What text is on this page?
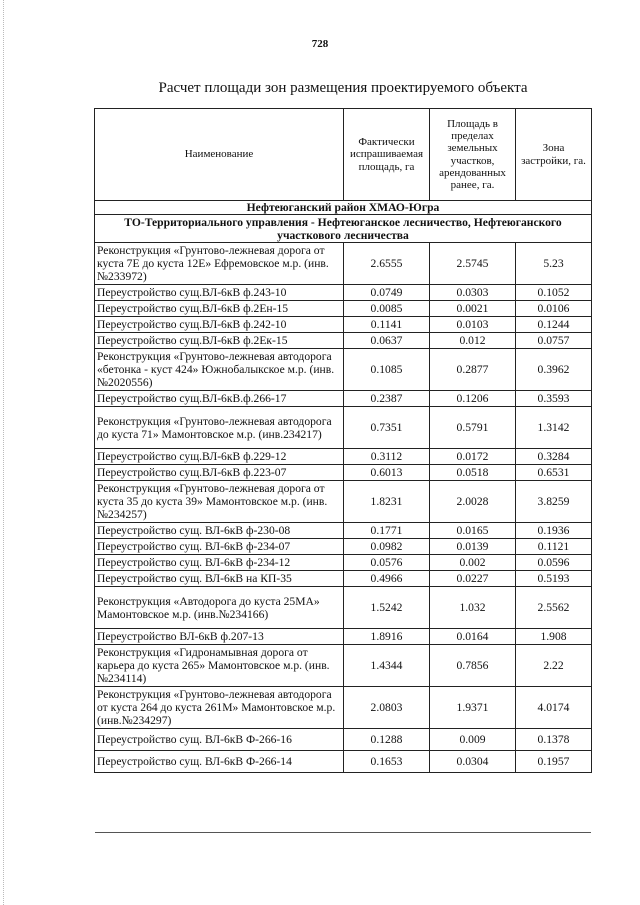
728
Расчет площади зон размещения проектируемого объекта
Наименование	Фактически испрашиваемая площадь, га	Площадь в пределах земельных участков, арендованных ранее, га.	Зона застройки, га.
Нефтеюганский район ХМАО-Югра			
ТО-Территориального управления - Нефтеюганское лесничество, Нефтеюганского участкового лесничества			
Реконструкция «Грунтово-лежневая дорога от куста 7Е до куста 12Е» Ефремовское м.р. (инв.№233972)	2.6555	2.5745	5.23
Переустройство сущ.ВЛ-6кВ ф.243-10	0.0749	0.0303	0.1052
Переустройство сущ.ВЛ-6кВ ф.2Ен-15	0.0085	0.0021	0.0106
Переустройство сущ.ВЛ-6кВ ф.242-10	0.1141	0.0103	0.1244
Переустройство сущ.ВЛ-6кВ ф.2Ек-15	0.0637	0.012	0.0757
Реконструкция «Грунтово-лежневая автодорога «бетонка - куст 424» Южнобалыкское м.р. (инв.№2020556)	0.1085	0.2877	0.3962
Переустройство сущ.ВЛ-6кВ.ф.266-17	0.2387	0.1206	0.3593
Реконструкция «Грунтово-лежневая автодорога до куста 71» Мамонтовское м.р. (инв.234217)	0.7351	0.5791	1.3142
Переустройство сущ.ВЛ-6кВ ф.229-12	0.3112	0.0172	0.3284
Переустройство сущ.ВЛ-6кВ ф.223-07	0.6013	0.0518	0.6531
Реконструкция «Грунтово-лежневая дорога от куста 35 до куста 39» Мамонтовское м.р. (инв.№234257)	1.8231	2.0028	3.8259
Переустройство сущ. ВЛ-6кВ ф-230-08	0.1771	0.0165	0.1936
Переустройство сущ. ВЛ-6кВ ф-234-07	0.0982	0.0139	0.1121
Переустройство сущ. ВЛ-6кВ ф-234-12	0.0576	0.002	0.0596
Переустройство сущ. ВЛ-6кВ на КП-35	0.4966	0.0227	0.5193
Реконструкция «Автодорога до куста 25МА» Мамонтовское м.р. (инв.№234166)	1.5242	1.032	2.5562
Переустройство ВЛ-6кВ ф.207-13	1.8916	0.0164	1.908
Реконструкция «Гидронамывная дорога от карьера до куста 265» Мамонтовское м.р. (инв.№234114)	1.4344	0.7856	2.22
Реконструкция «Грунтово-лежневая автодорога от куста 264 до куста 261М» Мамонтовское м.р. (инв.№234297)	2.0803	1.9371	4.0174
Переустройство сущ. ВЛ-6кВ Ф-266-16	0.1288	0.009	0.1378
Переустройство сущ. ВЛ-6кВ Ф-266-14	0.1653	0.0304	0.1957
